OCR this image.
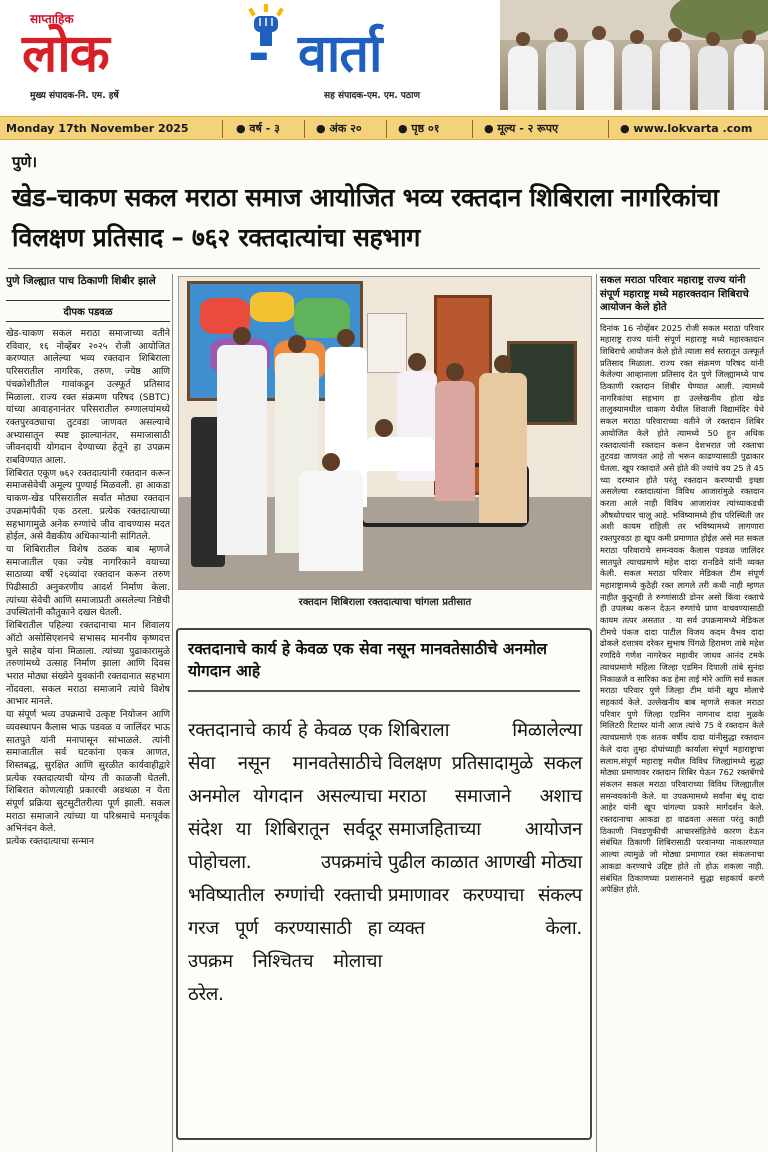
साप्ताहिक
लोक	- वार्ता
मुख्य संपादक-नि. एम. हर्षे	सह संपादक-एम. एम. पठाण
Monday 17th November 2025	● वर्ष - ३	● अंक २०	● पृष्ठ ०१	● मूल्य - २ रूपए	● www.lokvarta .com
पुणे।
खेड–चाकण सकल मराठा समाज आयोजित भव्य रक्तदान शिबिराला नागरिकांचा विलक्षण प्रतिसाद – ७६२ रक्तदात्यांचा सहभाग
पुणे जिल्ह्यात पाच ठिकाणी शिबीर झाले
दीपक पडवळ

खेड-चाकण सकल मराठा समाजाच्या वतीने रविवार, १६ नोव्हेंबर २०२५ रोजी आयोजित करण्यात आलेल्या भव्य रक्तदान शिबिराला परिसरातील नागरिक, तरुण, ज्येष्ठ आणि पंचक्रोशीतील गावांकडून उत्स्फूर्त प्रतिसाद मिळाला. राज्य रक्त संक्रमण परिषद (SBTC) यांच्या आवाहनानंतर परिसरातील रुग्णालयांमध्ये रक्तपुरवठ्याचा तुटवडा जाणवत असल्याचे अभ्यासातून स्पष्ट झाल्यानंतर, समाजासाठी जीवनदायी योगदान देण्याच्या हेतूने हा उपक्रम राबविण्यात आला.

शिबिरात एकूण ७६२ रक्तदात्यांनी रक्तदान करून समाजसेवेची अमूल्य पुण्याई मिळवली. हा आकडा चाकण-खेड परिसरातील सर्वात मोठ्या रक्तदान उपक्रमांपैकी एक ठरला. प्रत्येक रक्तदात्याच्या सहभागामुळे अनेक रुग्णांचे जीव वाचण्यास मदत होईल, असे वैद्यकीय अधिकाऱ्यांनी सांगितले.

या शिबिरातील विशेष ठळक बाब म्हणजे समाजातील एका ज्येष्ठ नागरिकाने वयाच्या साठाव्या वर्षी २६व्यांदा रक्तदान करून तरुण पिढीसाठी अनुकरणीय आदर्श निर्माण केला. त्यांच्या सेवेची आणि समाजाप्रती असलेल्या निष्ठेची उपस्थितांनी कौतुकाने दखल घेतली.

शिबिरातील पहिल्या रक्तदानाचा मान शिवालय ऑटो असोसिएशनचे सभासद माननीय कृष्णदत्त घुले साहेब यांना मिळाला. त्यांच्या पुढाकारामुळे तरुणांमध्ये उत्साह निर्माण झाला आणि दिवस भरात मोठ्या संख्येने युवकांनी रक्तदानात सहभाग नोंदवला. सकल मराठा समाजाने त्यांचे विशेष आभार मानले.

या संपूर्ण भव्य उपक्रमाचे उत्कृष्ट नियोजन आणि व्यवस्थापन कैलास भाऊ पडवळ व जालिंदर भाऊ सातपुते यांनी मनापासून सांभाळले. त्यांनी समाजातील सर्व घटकांना एकत्र आणत, शिस्तबद्ध, सुरक्षित आणि सुरळीत कार्यवाहीद्वारे प्रत्येक रक्तदात्याची योग्य ती काळजी घेतली. शिबिरात कोणत्याही प्रकारची अडथळा न येता संपूर्ण प्रक्रिया सुटसुटीतरीत्या पूर्ण झाली. सकल मराठा समाजाने त्यांच्या या परिश्रमाचे मनःपूर्वक अभिनंदन केले.

प्रत्येक रक्तदात्याचा सन्मान

रक्तदान शिबिराला रक्तदात्याचा चांगला प्रतीसात
रक्तदानाचे कार्य हे केवळ एक सेवा नसून मानवतेसाठीचे अनमोल योगदान आहे
रक्तदानाचे कार्य हे केवळ एक सेवा नसून मानवतेसाठीचे अनमोल योगदान असल्याचा संदेश या शिबिरातून सर्वदूर पोहोचला. उपक्रमांचे भविष्यातील रुग्णांची रक्ताची गरज पूर्ण करण्यासाठी हा उपक्रम निश्चितच मोलाचा ठरेल.
शिबिराला मिळालेल्या विलक्षण प्रतिसादामुळे सकल मराठा समाजाने अशाच समाजहिताच्या आयोजन पुढील काळात आणखी मोठ्या प्रमाणावर करण्याचा संकल्प व्यक्त केला.
सकल मराठा परिवार महाराष्ट्र राज्य यांनी संपूर्ण महाराष्ट्र मध्ये महारक्तदान शिबिराचे आयोजन केले होते
दिनांक 16 नोव्हेंबर 2025 रोजी सकल मराठा परिवार महाराष्ट्र राज्य यांनी संपूर्ण महाराष्ट्र मध्ये महारक्तदान शिबिराचे आयोजन केले होते त्याला सर्व स्तरातून उत्स्फूर्त प्रतिसाद मिळाला. राज्य रक्त संक्रमण परिषद यांनी केलेल्या आव्हानाला प्रतिसाद देत पुणे जिल्ह्यामध्ये पाच ठिकाणी रक्तदान शिबीर घेण्यात आली. त्यामध्ये नागरिकांचा सहभाग हा उल्लेखनीय होता खेड तालुक्यामधील चाकण येथील शिवाजी विद्यामंदिर येथे सकल मराठा परिवाराच्या वतीने जे रक्तदान शिबिर आयोजित केले होते त्यामध्ये 50 हून अधिक रक्तदात्यांनी रक्तदान करून देशभरात जो रक्ताचा तुटवडा जाणवत आहे तो भरून काढण्यासाठी पुढाकार घेतला. खूप रक्तदाते असे होते की ज्यांचे वय 25 ते 45 च्या दरम्यान होते परंतु रक्तदान करण्याची इच्छा असलेल्या रक्तदात्यांना विविध आजारांमुळे रक्तदान करता आले नाही विविध आजारांवर त्यांच्याकडची औषधोपचार चालू आहे. भविष्यामध्ये हीच परिस्थिती जर अशी कायम राहिली तर भविष्यामध्ये लागणारा रक्तपुरवठा हा खूप कमी प्रमाणात होईल असे मत सकल मराठा परिवाराचे समन्वयक कैलास पडवळ जालिंदर सातपुते त्याचप्रमाणे महेश दादा रानडिवे यांनी व्यक्त केली. सकल मराठा परिवार मेडिकल टीम संपूर्ण महाराष्ट्रामध्ये कुठेही रक्त लागले तरी कधी नाही म्हणत नाहीत कुठूनही ते रुग्णांसाठी डोनर असो किंवा रक्ताचे ही उपलब्ध करून देऊन रुग्णांचे प्राण वाचवण्यासाठी कायम तत्पर असतात . या सर्व उपक्रमामध्ये मेडिकल टीमचे पंकज दादा पाटील विजय कदम वैभव दादा ढोकले दत्तात्रय दरेकर सुभाष पिंगळे हिरामण तांबे महेश रणदिवे गणेश नागरेकर महावीर जाधव आनंद टमके त्याचप्रमाणे महिला जिल्हा एडमिन दिपाली तांबे सुनंदा निकाळजे व सारिका कड हेमा ताई मोरे आणि सर्व सकल मराठा परिवार पुणे जिल्हा टीम यांनी खूप मोलाचे सहकार्य केले. उल्लेखनीय बाब म्हणजे सकल मराठा परिवार पुणे जिल्हा एडमिन नागनाथ दादा मुळके मिलिटरी रिटायर यांनी आज त्यांचे 75 वे रक्तदान केले त्याचप्रमाणे एक शतक वर्षीय दादा यांनीसुद्धा रक्तदान केले दादा तुम्हा दोघांच्याही कार्याला संपूर्ण महाराष्ट्राचा सलाम.संपूर्ण महाराष्ट्र मधील विविध जिल्ह्यांमध्ये सुद्धा मोठ्या प्रमाणावर रक्तदान शिबिर घेऊन 762 रक्तबॅगचे संकलन सकल मराठा परिवाराच्या विविध जिल्ह्यातील समन्वयकांनी केले. या उपक्रमामध्ये सर्वांना बंधू दादा आहेर यांनी खूप चांगल्या प्रकारे मार्गदर्शन केले. रक्तदानाचा आकडा हा वाढवता असता परंतु काही ठिकाणी निवडणुकीची आचारसंहितेचे कारण देऊन संबंधित ठिकाणी शिबिरासाठी परवानग्या नाकारण्यात आल्या त्यामुळे जो मोठ्या प्रमाणात रक्त संकलनाचा आकडा करण्याचे उद्दिष्ट होते तो होऊ शकला नाही. संबंधित ठिकाणच्या प्रशासनाने सुद्धा सहकार्य करणे अपेक्षित होते.
